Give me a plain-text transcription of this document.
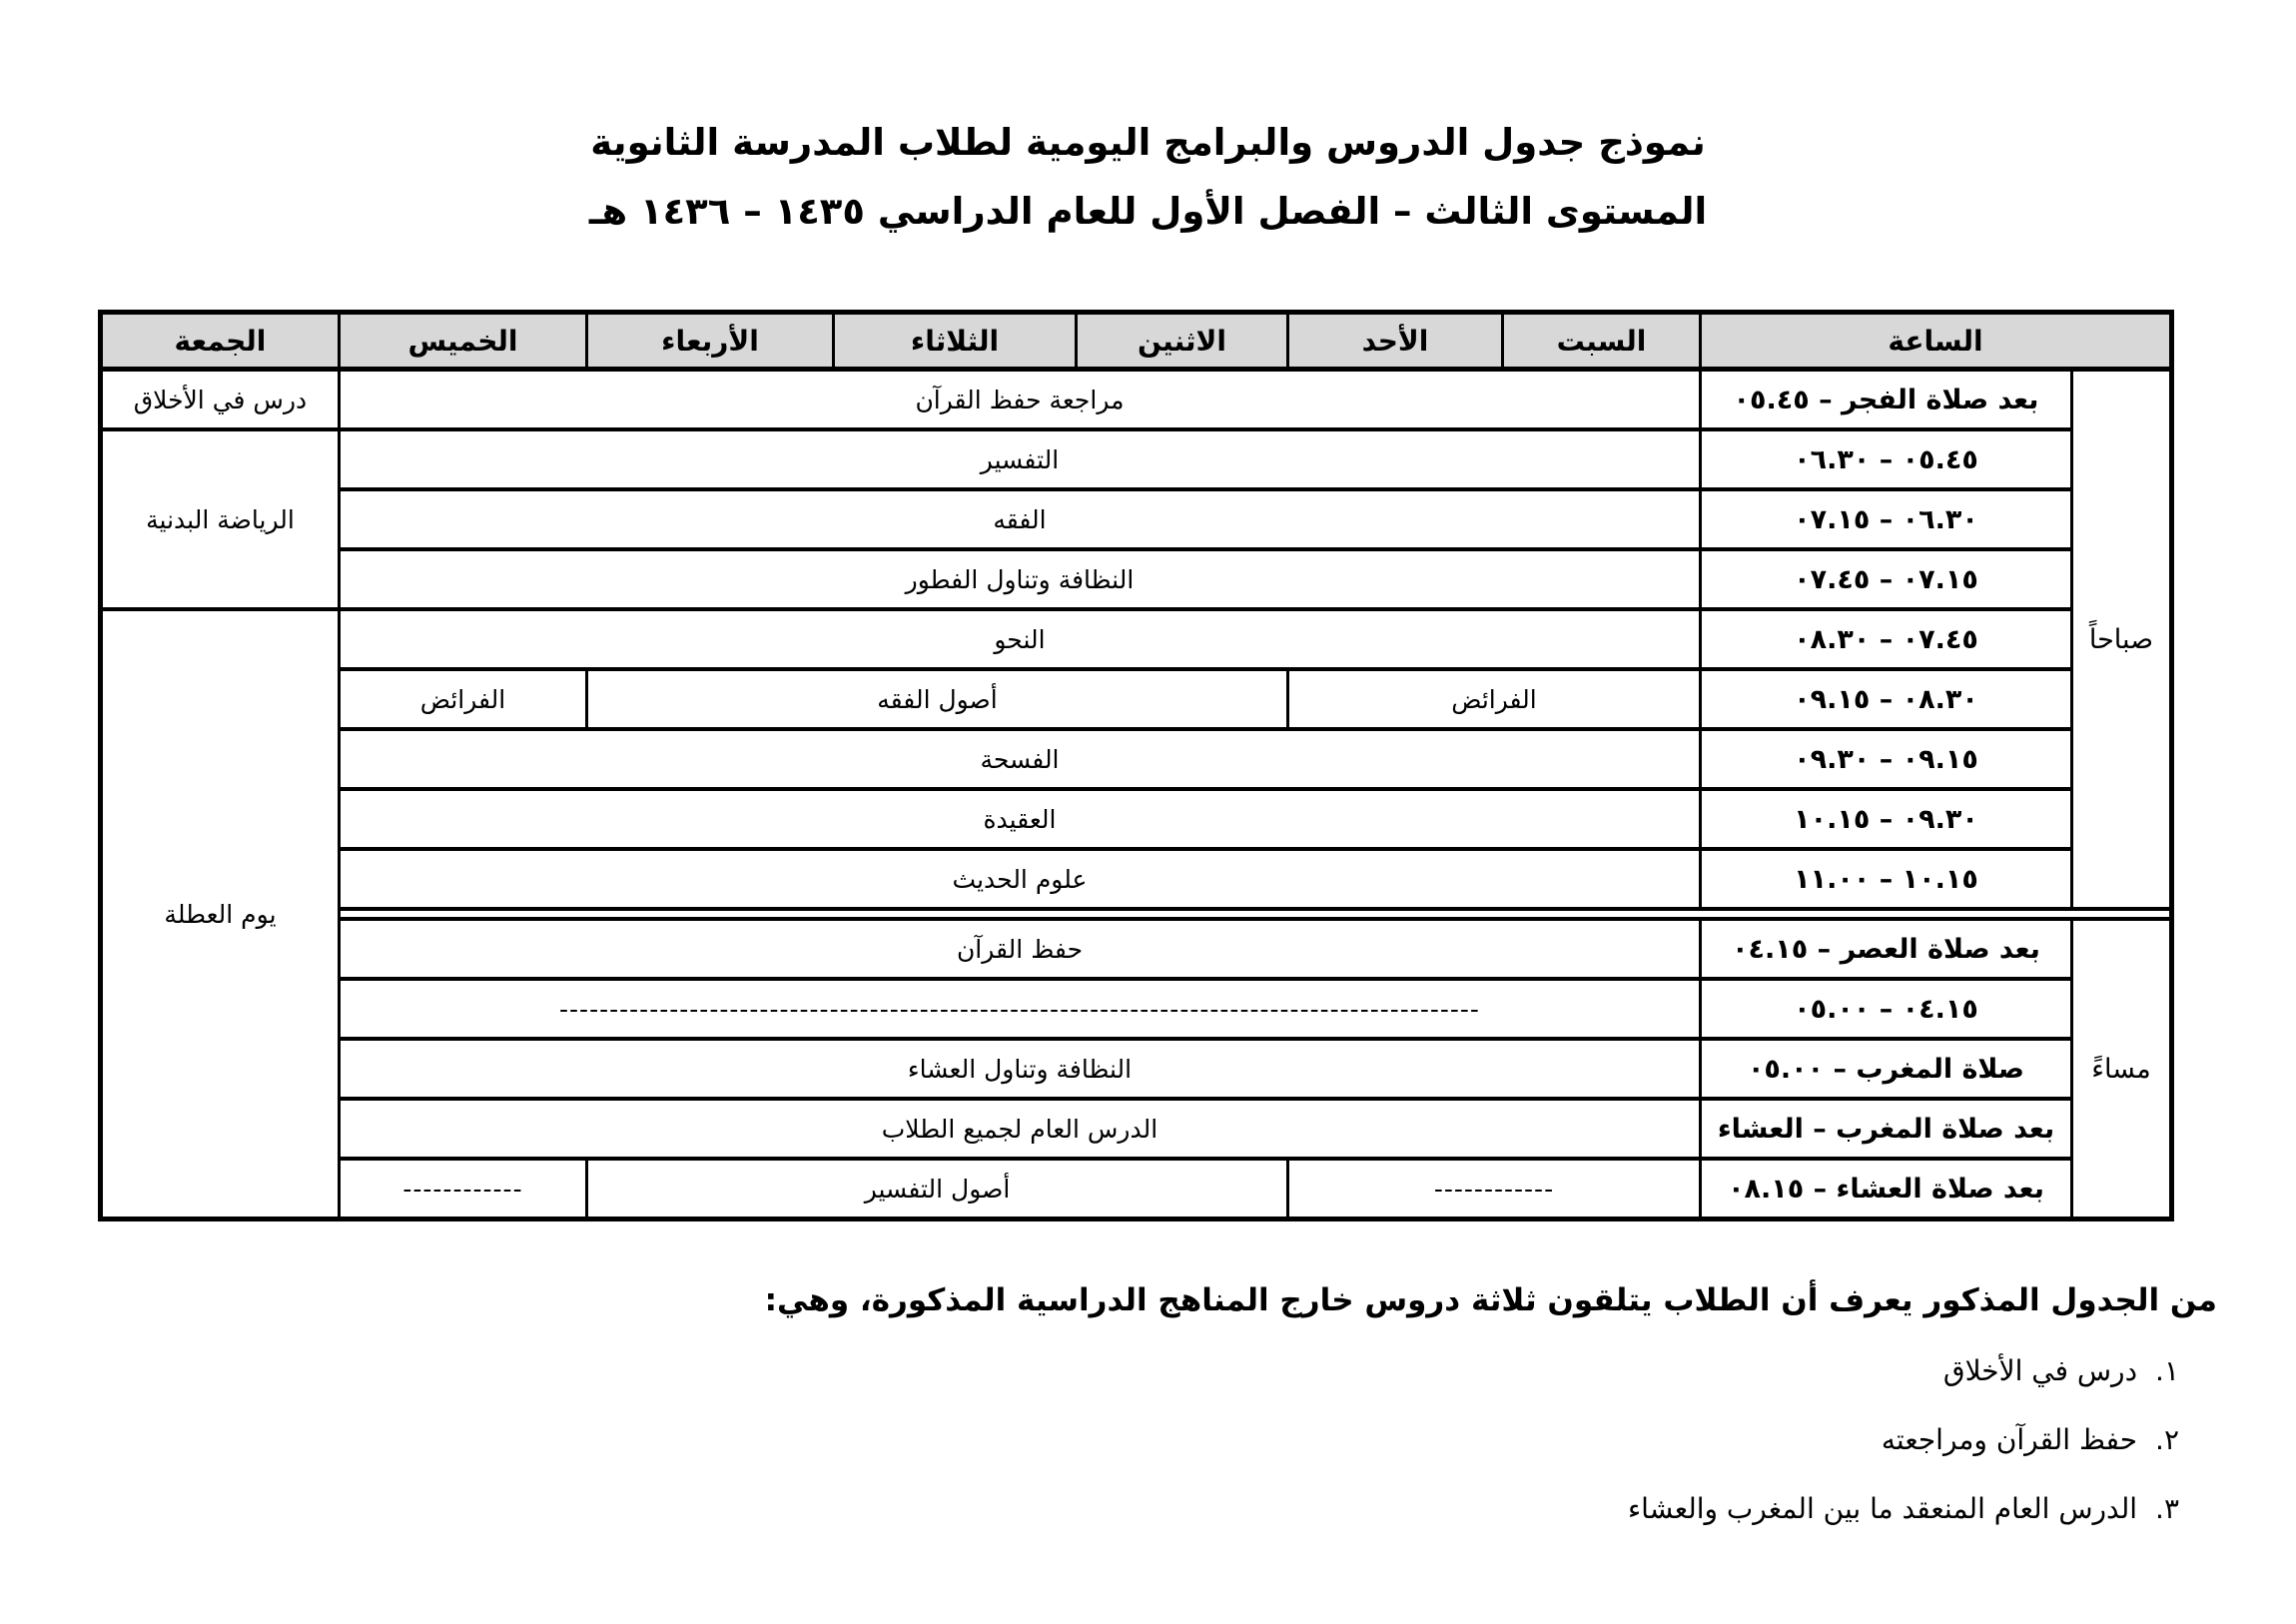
نموذج جدول الدروس والبرامج اليومية لطلاب المدرسة الثانوية
المستوى الثالث – الفصل الأول للعام الدراسي ١٤٣٥ – ١٤٣٦ هـ
الساعة		السبت	الأحد	الاثنين	الثلاثاء	الأربعاء	الخميس	الجمعة
صباحاً	بعد صلاة الفجر – ٠٥.٤٥	مراجعة حفظ القرآن						درس في الأخلاق
	٠٥.٤٥ – ٠٦.٣٠	التفسير						الرياضة البدنية
	٠٦.٣٠ – ٠٧.١٥	الفقه						
	٠٧.١٥ – ٠٧.٤٥	النظافة وتناول الفطور						
	٠٧.٤٥ – ٠٨.٣٠	النحو						يوم العطلة
	٠٨.٣٠ – ٠٩.١٥	الفرائض		أصول الفقه			الفرائض	
	٠٩.١٥ – ٠٩.٣٠	الفسحة						
	٠٩.٣٠ – ١٠.١٥	العقيدة						
	١٠.١٥ – ١١.٠٠	علوم الحديث						

مساءً	بعد صلاة العصر – ٠٤.١٥	حفظ القرآن						
	٠٤.١٥ – ٠٥.٠٠	--------------------------------------------------------------------------------------------						
	صلاة المغرب – ٠٥.٠٠	النظافة وتناول العشاء						
	بعد صلاة المغرب – العشاء	الدرس العام لجميع الطلاب						
	بعد صلاة العشاء – ٠٨.١٥	------------		أصول التفسير			------------	
من الجدول المذكور يعرف أن الطلاب يتلقون ثلاثة دروس خارج المناهج الدراسية المذكورة، وهي:
١.درس في الأخلاق
٢.حفظ القرآن ومراجعته
٣.الدرس العام المنعقد ما بين المغرب والعشاء
